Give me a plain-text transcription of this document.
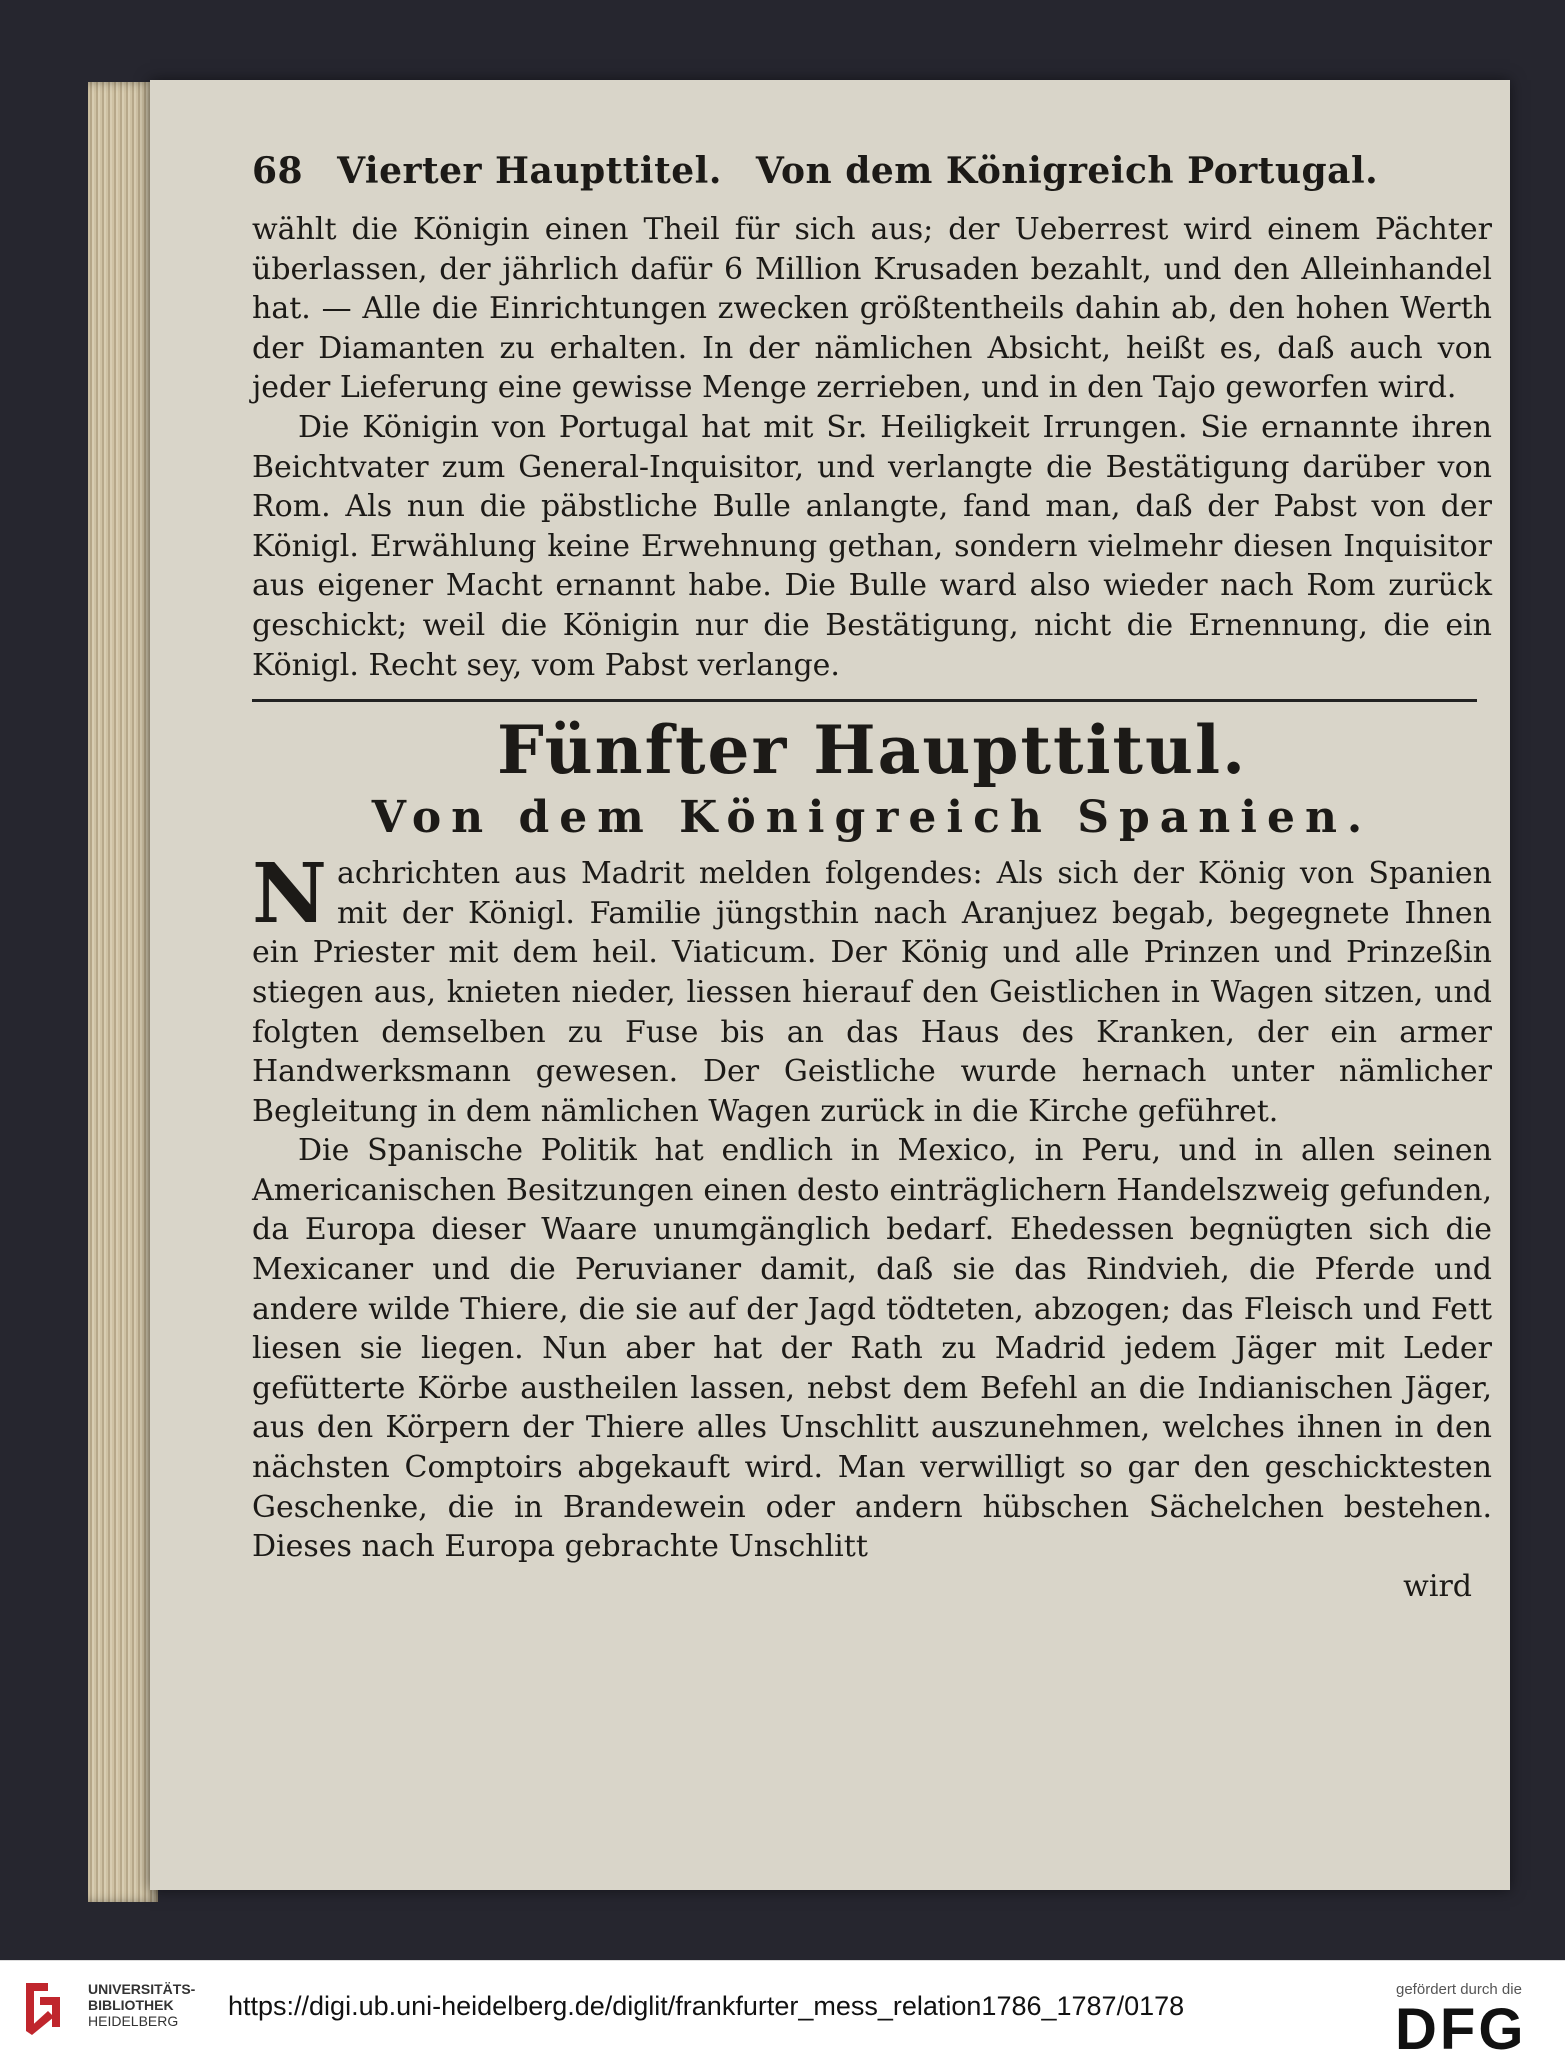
68 Vierter Haupttitel. Von dem Königreich Portugal.

wählt die Königin einen Theil für sich aus; der Ueberrest wird einem Pächter überlassen, der jährlich dafür 6 Million Krusaden bezahlt, und den Alleinhandel hat. — Alle die Einrichtungen zwecken größtentheils dahin ab, den hohen Werth der Diamanten zu erhalten. In der nämlichen Absicht, heißt es, daß auch von jeder Lieferung eine gewisse Menge zerrieben, und in den Tajo geworfen wird.

Die Königin von Portugal hat mit Sr. Heiligkeit Irrungen. Sie ernannte ihren Beichtvater zum General-Inquisitor, und verlangte die Bestätigung darüber von Rom. Als nun die päbstliche Bulle anlangte, fand man, daß der Pabst von der Königl. Erwählung keine Erwehnung gethan, sondern vielmehr diesen Inquisitor aus eigener Macht ernannt habe. Die Bulle ward also wieder nach Rom zurück geschickt; weil die Königin nur die Bestätigung, nicht die Ernennung, die ein Königl. Recht sey, vom Pabst verlange.

Fünfter Haupttitul.
Von dem Königreich Spanien.

Nachrichten aus Madrit melden folgendes: Als sich der König von Spanien mit der Königl. Familie jüngsthin nach Aranjuez begab, begegnete Ihnen ein Priester mit dem heil. Viaticum. Der König und alle Prinzen und Prinzeßin stiegen aus, knieten nieder, liessen hierauf den Geistlichen in Wagen sitzen, und folgten demselben zu Fuse bis an das Haus des Kranken, der ein armer Handwerksmann gewesen. Der Geistliche wurde hernach unter nämlicher Begleitung in dem nämlichen Wagen zurück in die Kirche geführet.

Die Spanische Politik hat endlich in Mexico, in Peru, und in allen seinen Americanischen Besitzungen einen desto einträglichern Handelszweig gefunden, da Europa dieser Waare unumgänglich bedarf. Ehedessen begnügten sich die Mexicaner und die Peruvianer damit, daß sie das Rindvieh, die Pferde und andere wilde Thiere, die sie auf der Jagd tödteten, abzogen; das Fleisch und Fett liesen sie liegen. Nun aber hat der Rath zu Madrid jedem Jäger mit Leder gefütterte Körbe austheilen lassen, nebst dem Befehl an die Indianischen Jäger, aus den Körpern der Thiere alles Unschlitt auszunehmen, welches ihnen in den nächsten Comptoirs abgekauft wird. Man verwilligt so gar den geschicktesten Geschenke, die in Brandewein oder andern hübschen Sächelchen bestehen. Dieses nach Europa gebrachte Unschlitt

wird
UNIVERSITÄTS-
BIBLIOTHEK
HEIDELBERG	https://digi.ub.uni-heidelberg.de/diglit/frankfurter_mess_relation1786_1787/0178
gefördert durch die
DFG
